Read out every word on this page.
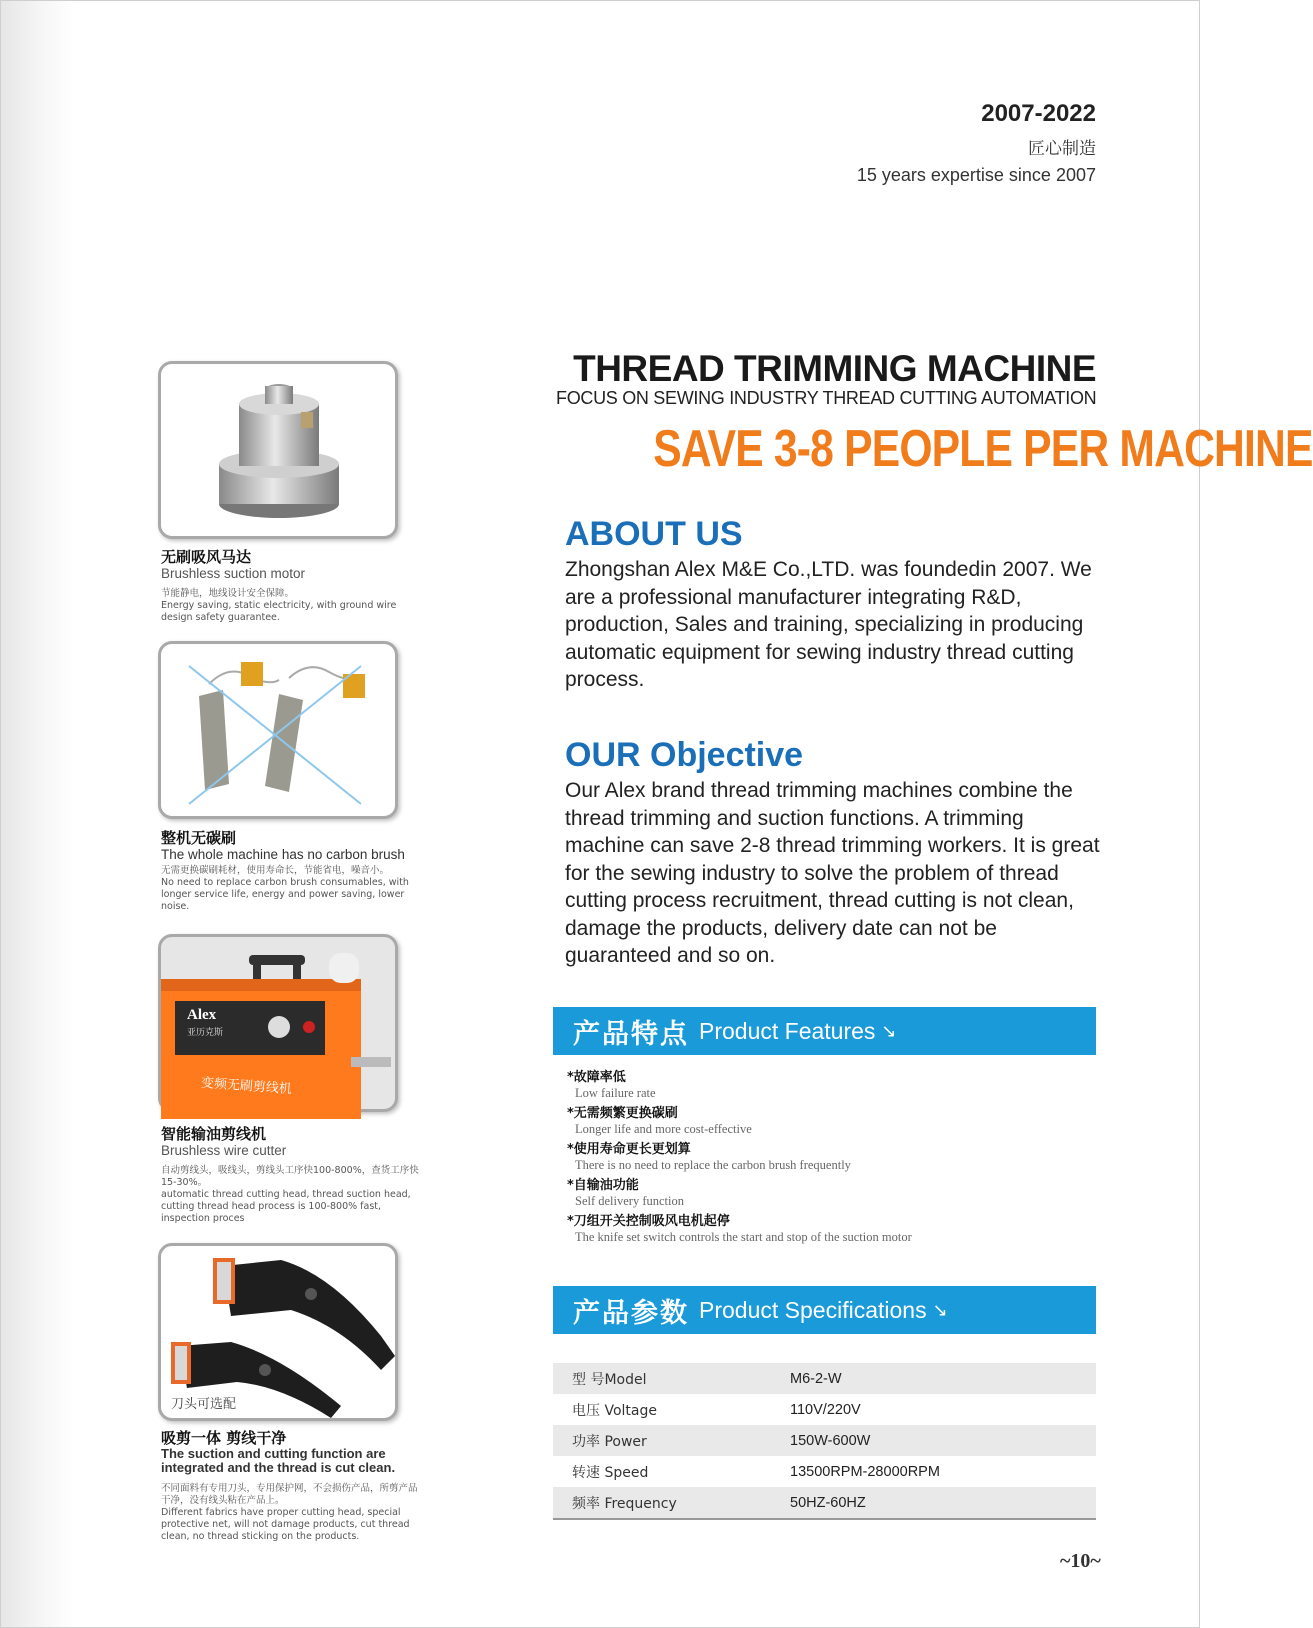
2007-2022
匠心制造
15 years expertise since 2007
THREAD TRIMMING MACHINE
FOCUS ON SEWING INDUSTRY THREAD CUTTING AUTOMATION
SAVE 3-8 PEOPLE PER MACHINE
ABOUT US
Zhongshan Alex M&E Co.,LTD. was foundedin 2007. We are a professional manufacturer integrating R&D, production, Sales and training, specializing in producing automatic equipment for sewing industry thread cutting process.
OUR Objective
Our Alex brand thread trimming machines combine the thread trimming and suction functions. A trimming machine can save 2-8 thread trimming workers. It is great for the sewing industry to solve the problem of thread cutting process recruitment, thread cutting is not clean, damage the products, delivery date can not be guaranteed and so on.
产品特点 Product Features ↘
*故障率低
Low failure rate
*无需频繁更换碳刷
Longer life and more cost-effective
*使用寿命更长更划算
There is no need to replace the carbon brush frequently
*自输油功能
Self delivery function
*刀组开关控制吸风电机起停
The knife set switch controls the start and stop of the suction motor
产品参数 Product Specifications ↘
型 号Model	M6-2-W
电压 Voltage	110V/220V
功率 Power	150W-600W
转速 Speed	13500RPM-28000RPM
频率 Frequency	50HZ-60HZ
~10~
无刷吸风马达
Brushless suction motor
节能静电，地线设计安全保障。
Energy saving, static electricity, with ground wire design safety guarantee.
整机无碳刷
The whole machine has no carbon brush
无需更换碳刷耗材，使用寿命长，节能省电，噪音小。
No need to replace carbon brush consumables, with longer service life, energy and power saving, lower noise.
Alex
亚历克斯
变频无刷剪线机
智能输油剪线机
Brushless wire cutter
自动剪线头，吸线头，剪线头工序快100-800%，查货工序快15-30%。
automatic thread cutting head, thread suction head, cutting thread head process is 100-800% fast, inspection proces
刀头可选配
吸剪一体 剪线干净
The suction and cutting function are integrated and the thread is cut clean.
不同面料有专用刀头，专用保护网，不会损伤产品，所剪产品干净，没有线头粘在产品上。
Different fabrics have proper cutting head, special protective net, will not damage products, cut thread clean, no thread sticking on the products.
